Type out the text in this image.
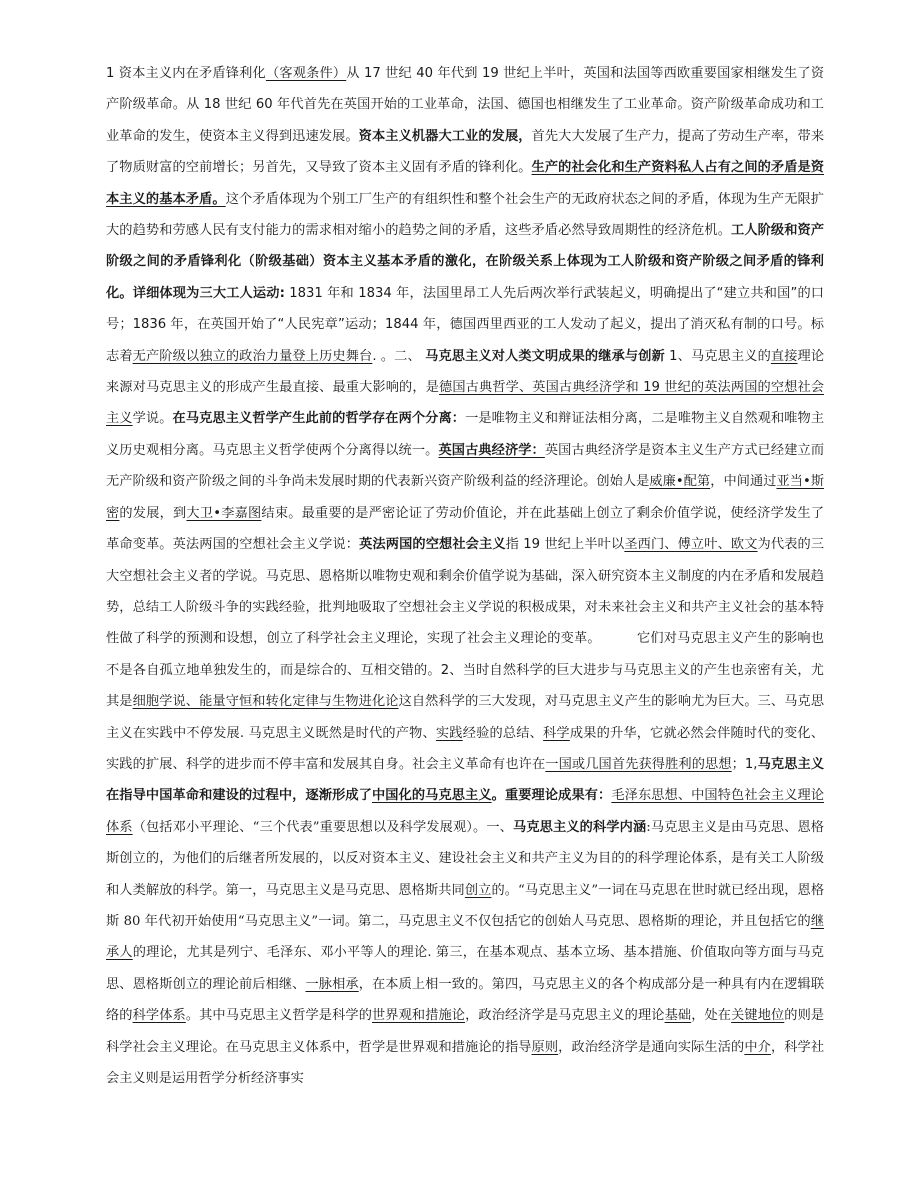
1 资本主义内在矛盾锋利化（客观条件）从 17 世纪 40 年代到 19 世纪上半叶，英国和法国等西欧重要国家相继发生了资产阶级革命。从 18 世纪 60 年代首先在英国开始的工业革命，法国、德国也相继发生了工业革命。资产阶级革命成功和工业革命的发生，使资本主义得到迅速发展。资本主义机器大工业的发展，首先大大发展了生产力，提高了劳动生产率，带来了物质财富的空前增长；另首先，又导致了资本主义固有矛盾的锋利化。生产的社会化和生产资料私人占有之间的矛盾是资本主义的基本矛盾。这个矛盾体现为个别工厂生产的有组织性和整个社会生产的无政府状态之间的矛盾，体现为生产无限扩大的趋势和劳感人民有支付能力的需求相对缩小的趋势之间的矛盾，这些矛盾必然导致周期性的经济危机。工人阶级和资产阶级之间的矛盾锋利化（阶级基础）资本主义基本矛盾的激化，在阶级关系上体现为工人阶级和资产阶级之间矛盾的锋利化。详细体现为三大工人运动: 1831 年和 1834 年，法国里昂工人先后两次举行武装起义，明确提出了“建立共和国”的口号；1836 年，在英国开始了“人民宪章”运动；1844 年，德国西里西亚的工人发动了起义，提出了消灭私有制的口号。标志着无产阶级以独立的政治力量登上历史舞台. 。二、 马克思主义对人类文明成果的继承与创新 1、马克思主义的直接理论来源对马克思主义的形成产生最直接、最重大影响的，是德国古典哲学、英国古典经济学和 19 世纪的英法两国的空想社会主义学说。在马克思主义哲学产生此前的哲学存在两个分离：一是唯物主义和辩证法相分离，二是唯物主义自然观和唯物主义历史观相分离。马克思主义哲学使两个分离得以统一。英国古典经济学：英国古典经济学是资本主义生产方式已经建立而无产阶级和资产阶级之间的斗争尚未发展时期的代表新兴资产阶级利益的经济理论。创始人是威廉•配第，中间通过亚当•斯密的发展，到大卫•李嘉图结束。最重要的是严密论证了劳动价值论，并在此基础上创立了剩余价值学说，使经济学发生了革命变革。英法两国的空想社会主义学说：英法两国的空想社会主义指 19 世纪上半叶以圣西门、傅立叶、欧文为代表的三大空想社会主义者的学说。马克思、恩格斯以唯物史观和剩余价值学说为基础，深入研究资本主义制度的内在矛盾和发展趋势，总结工人阶级斗争的实践经验，批判地吸取了空想社会主义学说的积极成果，对未来社会主义和共产主义社会的基本特性做了科学的预测和设想，创立了科学社会主义理论，实现了社会主义理论的变革。	它们对马克思主义产生的影响也不是各自孤立地单独发生的，而是综合的、互相交错的。2、当时自然科学的巨大进步与马克思主义的产生也亲密有关，尤其是细胞学说、能量守恒和转化定律与生物进化论这自然科学的三大发现，对马克思主义产生的影响尤为巨大。三、马克思主义在实践中不停发展. 马克思主义既然是时代的产物、实践经验的总结、科学成果的升华，它就必然会伴随时代的变化、实践的扩展、科学的进步而不停丰富和发展其自身。社会主义革命有也许在一国或几国首先获得胜利的思想；1,马克思主义在指导中国革命和建设的过程中，逐渐形成了中国化的马克思主义。重要理论成果有：毛泽东思想、中国特色社会主义理论体系（包括邓小平理论、“三个代表”重要思想以及科学发展观）。一、马克思主义的科学内涵:马克思主义是由马克思、恩格斯创立的，为他们的后继者所发展的，以反对资本主义、建设社会主义和共产主义为目的的科学理论体系，是有关工人阶级和人类解放的科学。第一，马克思主义是马克思、恩格斯共同创立的。“马克思主义”一词在马克思在世时就已经出现，恩格斯 80 年代初开始使用“马克思主义”一词。第二，马克思主义不仅包括它的创始人马克思、恩格斯的理论，并且包括它的继承人的理论，尤其是列宁、毛泽东、邓小平等人的理论. 第三，在基本观点、基本立场、基本措施、价值取向等方面与马克思、恩格斯创立的理论前后相继、一脉相承，在本质上相一致的。第四，马克思主义的各个构成部分是一种具有内在逻辑联络的科学体系。其中马克思主义哲学是科学的世界观和措施论，政治经济学是马克思主义的理论基础，处在关键地位的则是科学社会主义理论。在马克思主义体系中，哲学是世界观和措施论的指导原则，政治经济学是通向实际生活的中介，科学社会主义则是运用哲学分析经济事实
